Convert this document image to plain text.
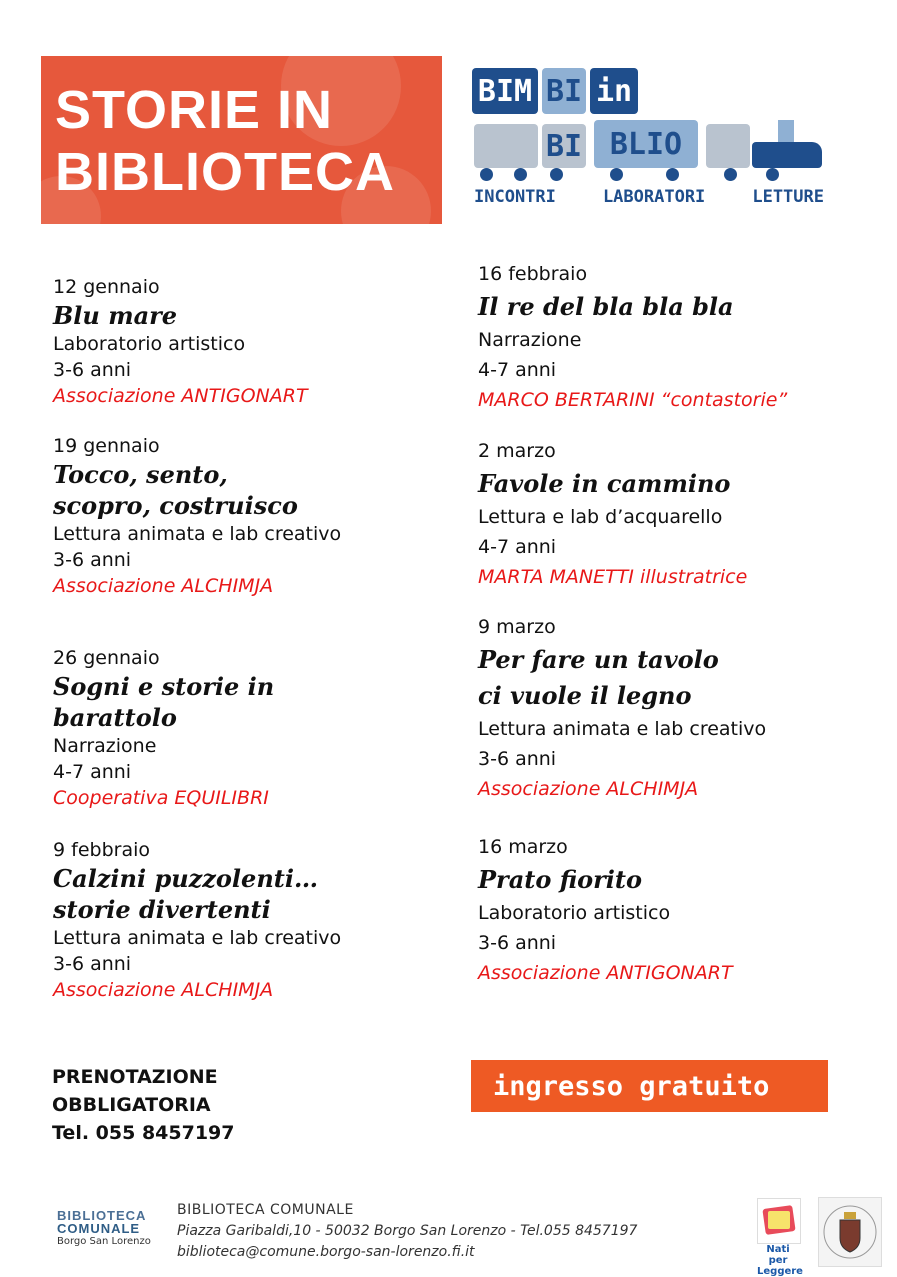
STORIE IN
BIBLIOTECA
BIM BI in
BI BLIO
INCONTRI	LABORATORI	LETTURE
12 gennaio
Blu mare
Laboratorio artistico
3-6 anni
Associazione ANTIGONART
19 gennaio
Tocco, sento,
scopro, costruisco
Lettura animata e lab creativo
3-6 anni
Associazione ALCHIMJA
26 gennaio
Sogni e storie in
barattolo
Narrazione
4-7 anni
Cooperativa EQUILIBRI
9 febbraio
Calzini puzzolenti…
storie divertenti
Lettura animata e lab creativo
3-6 anni
Associazione ALCHIMJA
16 febbraio
Il re del bla bla bla
Narrazione
4-7 anni
MARCO BERTARINI “contastorie”
2 marzo
Favole in cammino
Lettura e lab d’acquarello
4-7 anni
MARTA MANETTI illustratrice
9 marzo
Per fare un tavolo
ci vuole il legno
Lettura animata e lab creativo
3-6 anni
Associazione ALCHIMJA
16 marzo
Prato fiorito
Laboratorio artistico
3-6 anni
Associazione ANTIGONART
PRENOTAZIONE
OBBLIGATORIA
Tel. 055 8457197
ingresso gratuito
BIBLIOTECA
COMUNALE
Borgo San Lorenzo
BIBLIOTECA COMUNALE
Piazza Garibaldi,10 - 50032 Borgo San Lorenzo - Tel.055 8457197
biblioteca@comune.borgo-san-lorenzo.fi.it	Nati per
Leggere
